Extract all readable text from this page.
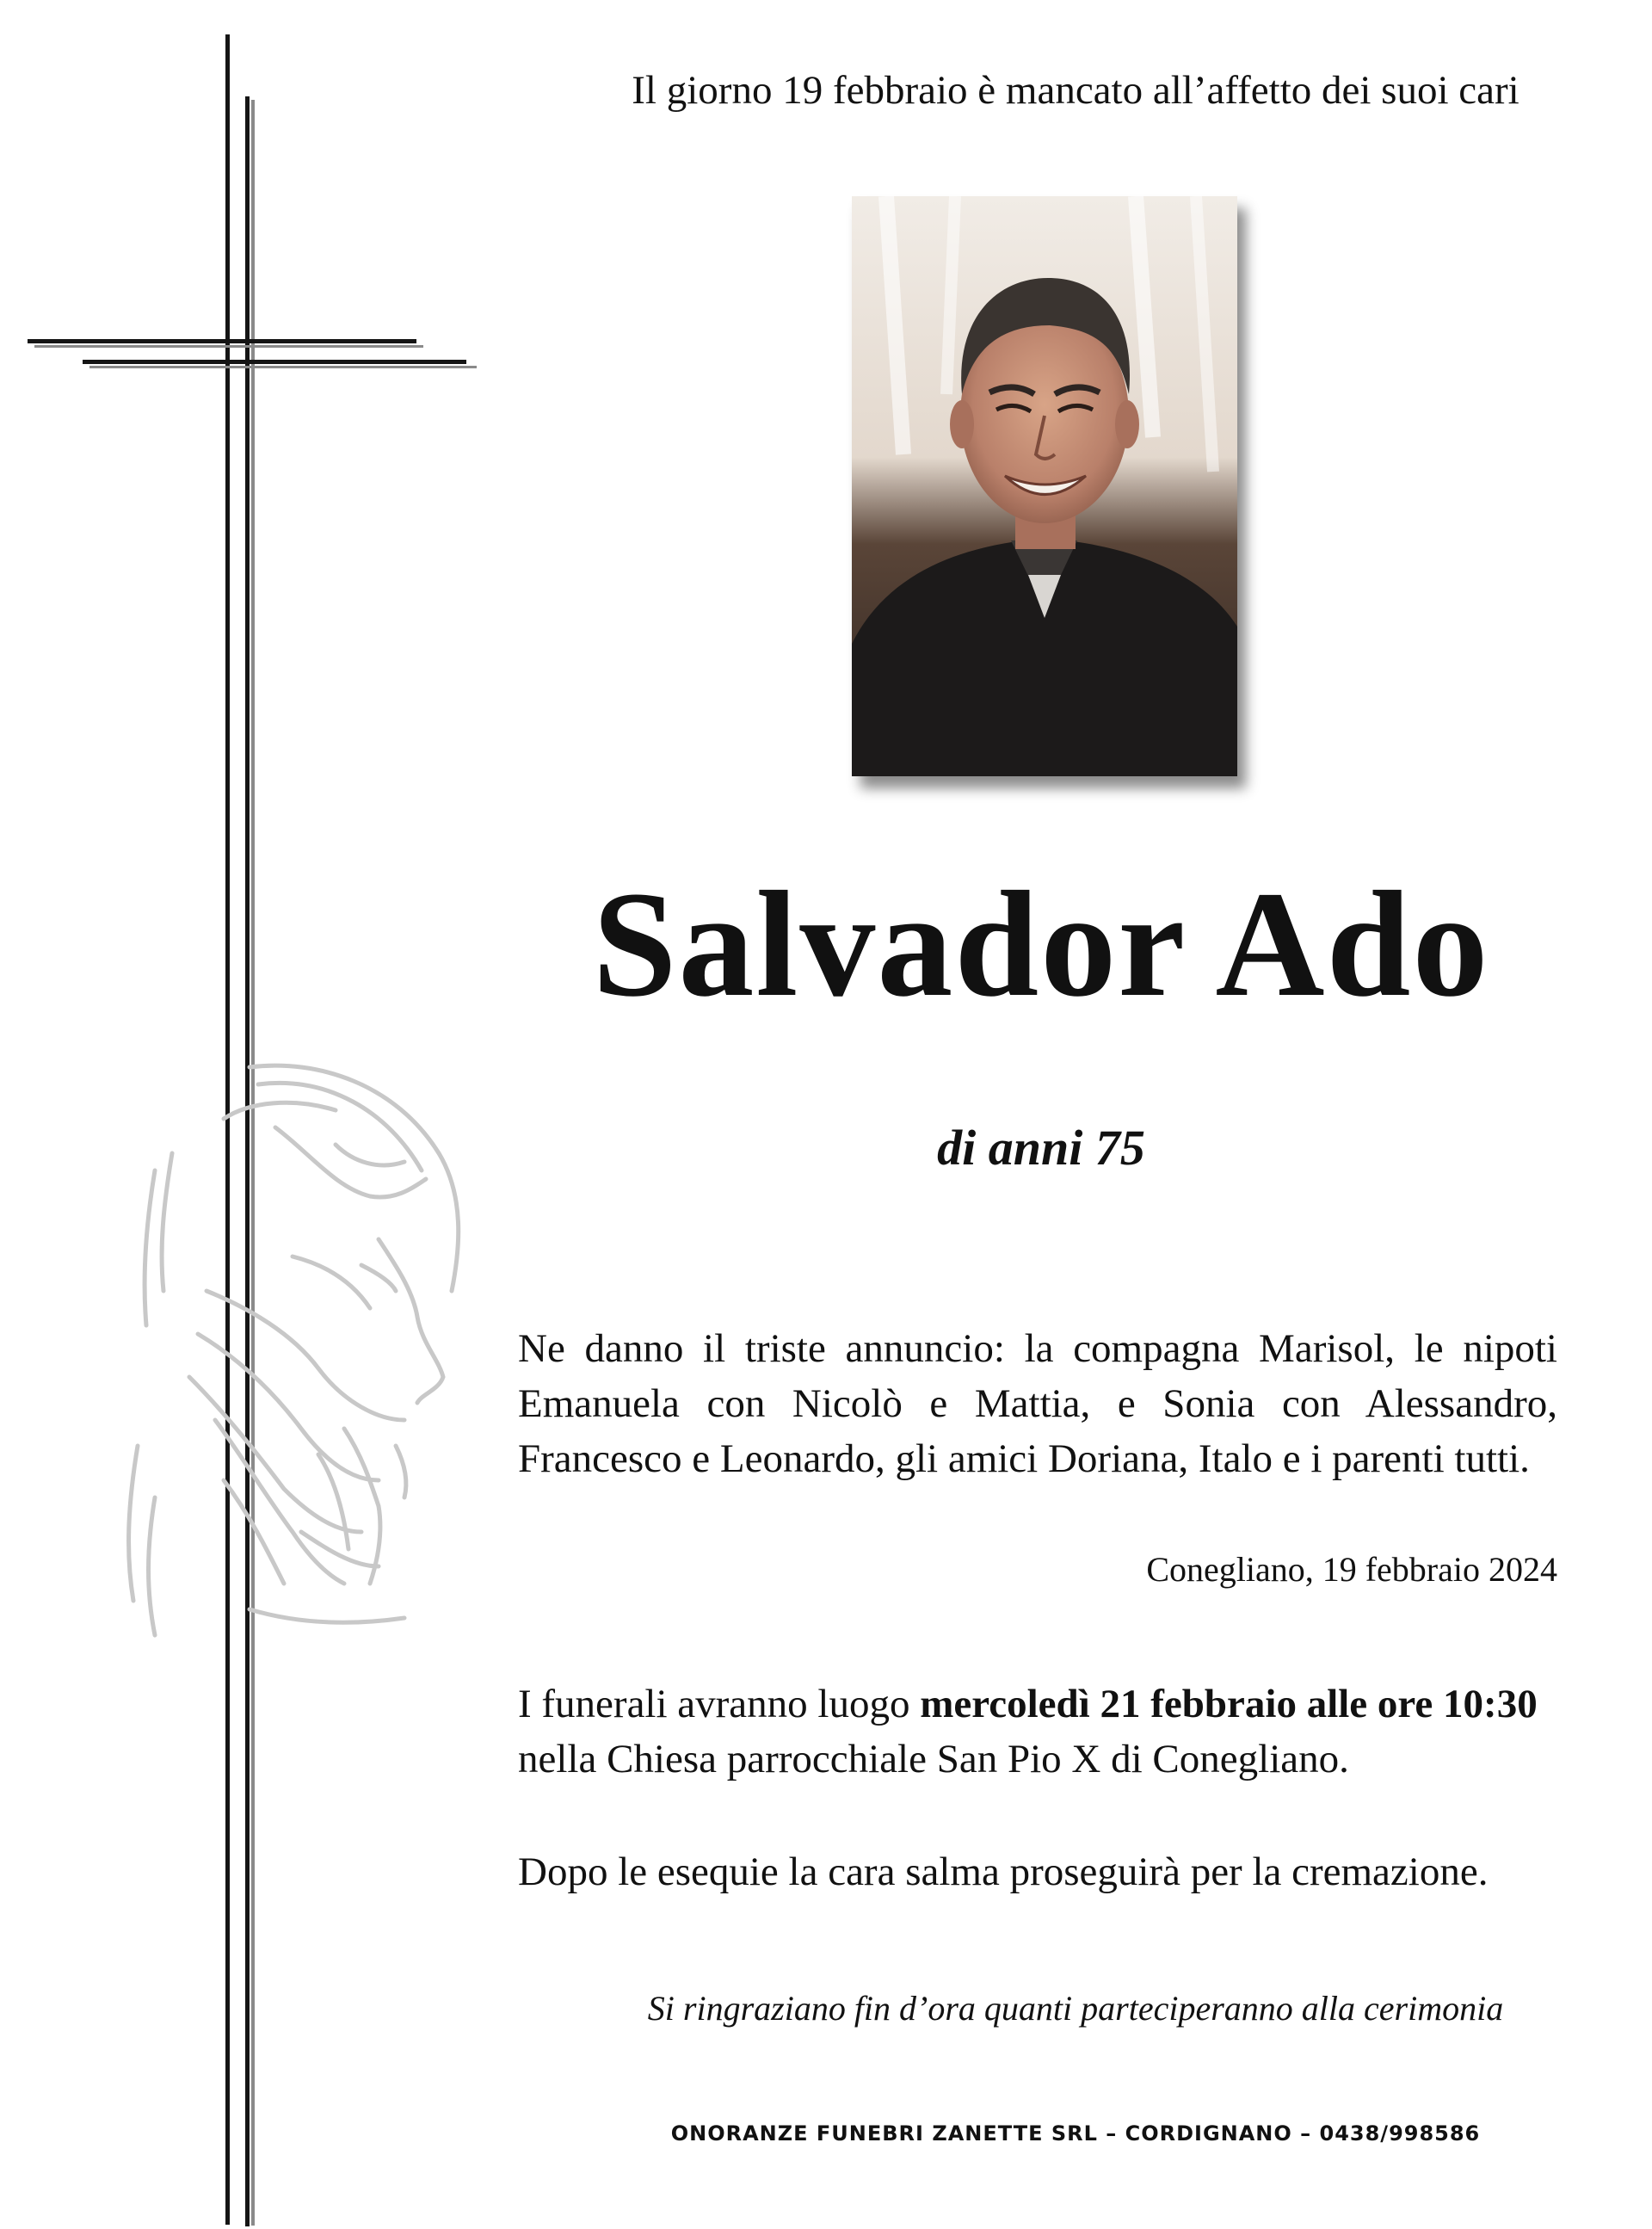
Il giorno 19 febbraio è mancato all’affetto dei suoi cari
Salvador Ado
di anni 75
Ne danno il triste annuncio: la compagna Marisol, le nipoti Emanuela con Nicolò e Mattia, e Sonia con Alessandro, Francesco e Leonardo, gli amici Doriana, Italo e i parenti tutti.
Conegliano, 19 febbraio 2024
I funerali avranno luogo mercoledì 21 febbraio alle ore 10:30
nella Chiesa parrocchiale San Pio X di Conegliano.
Dopo le esequie la cara salma proseguirà per la cremazione.
Si ringraziano fin d’ora quanti parteciperanno alla cerimonia
ONORANZE FUNEBRI ZANETTE SRL – CORDIGNANO – 0438/998586
